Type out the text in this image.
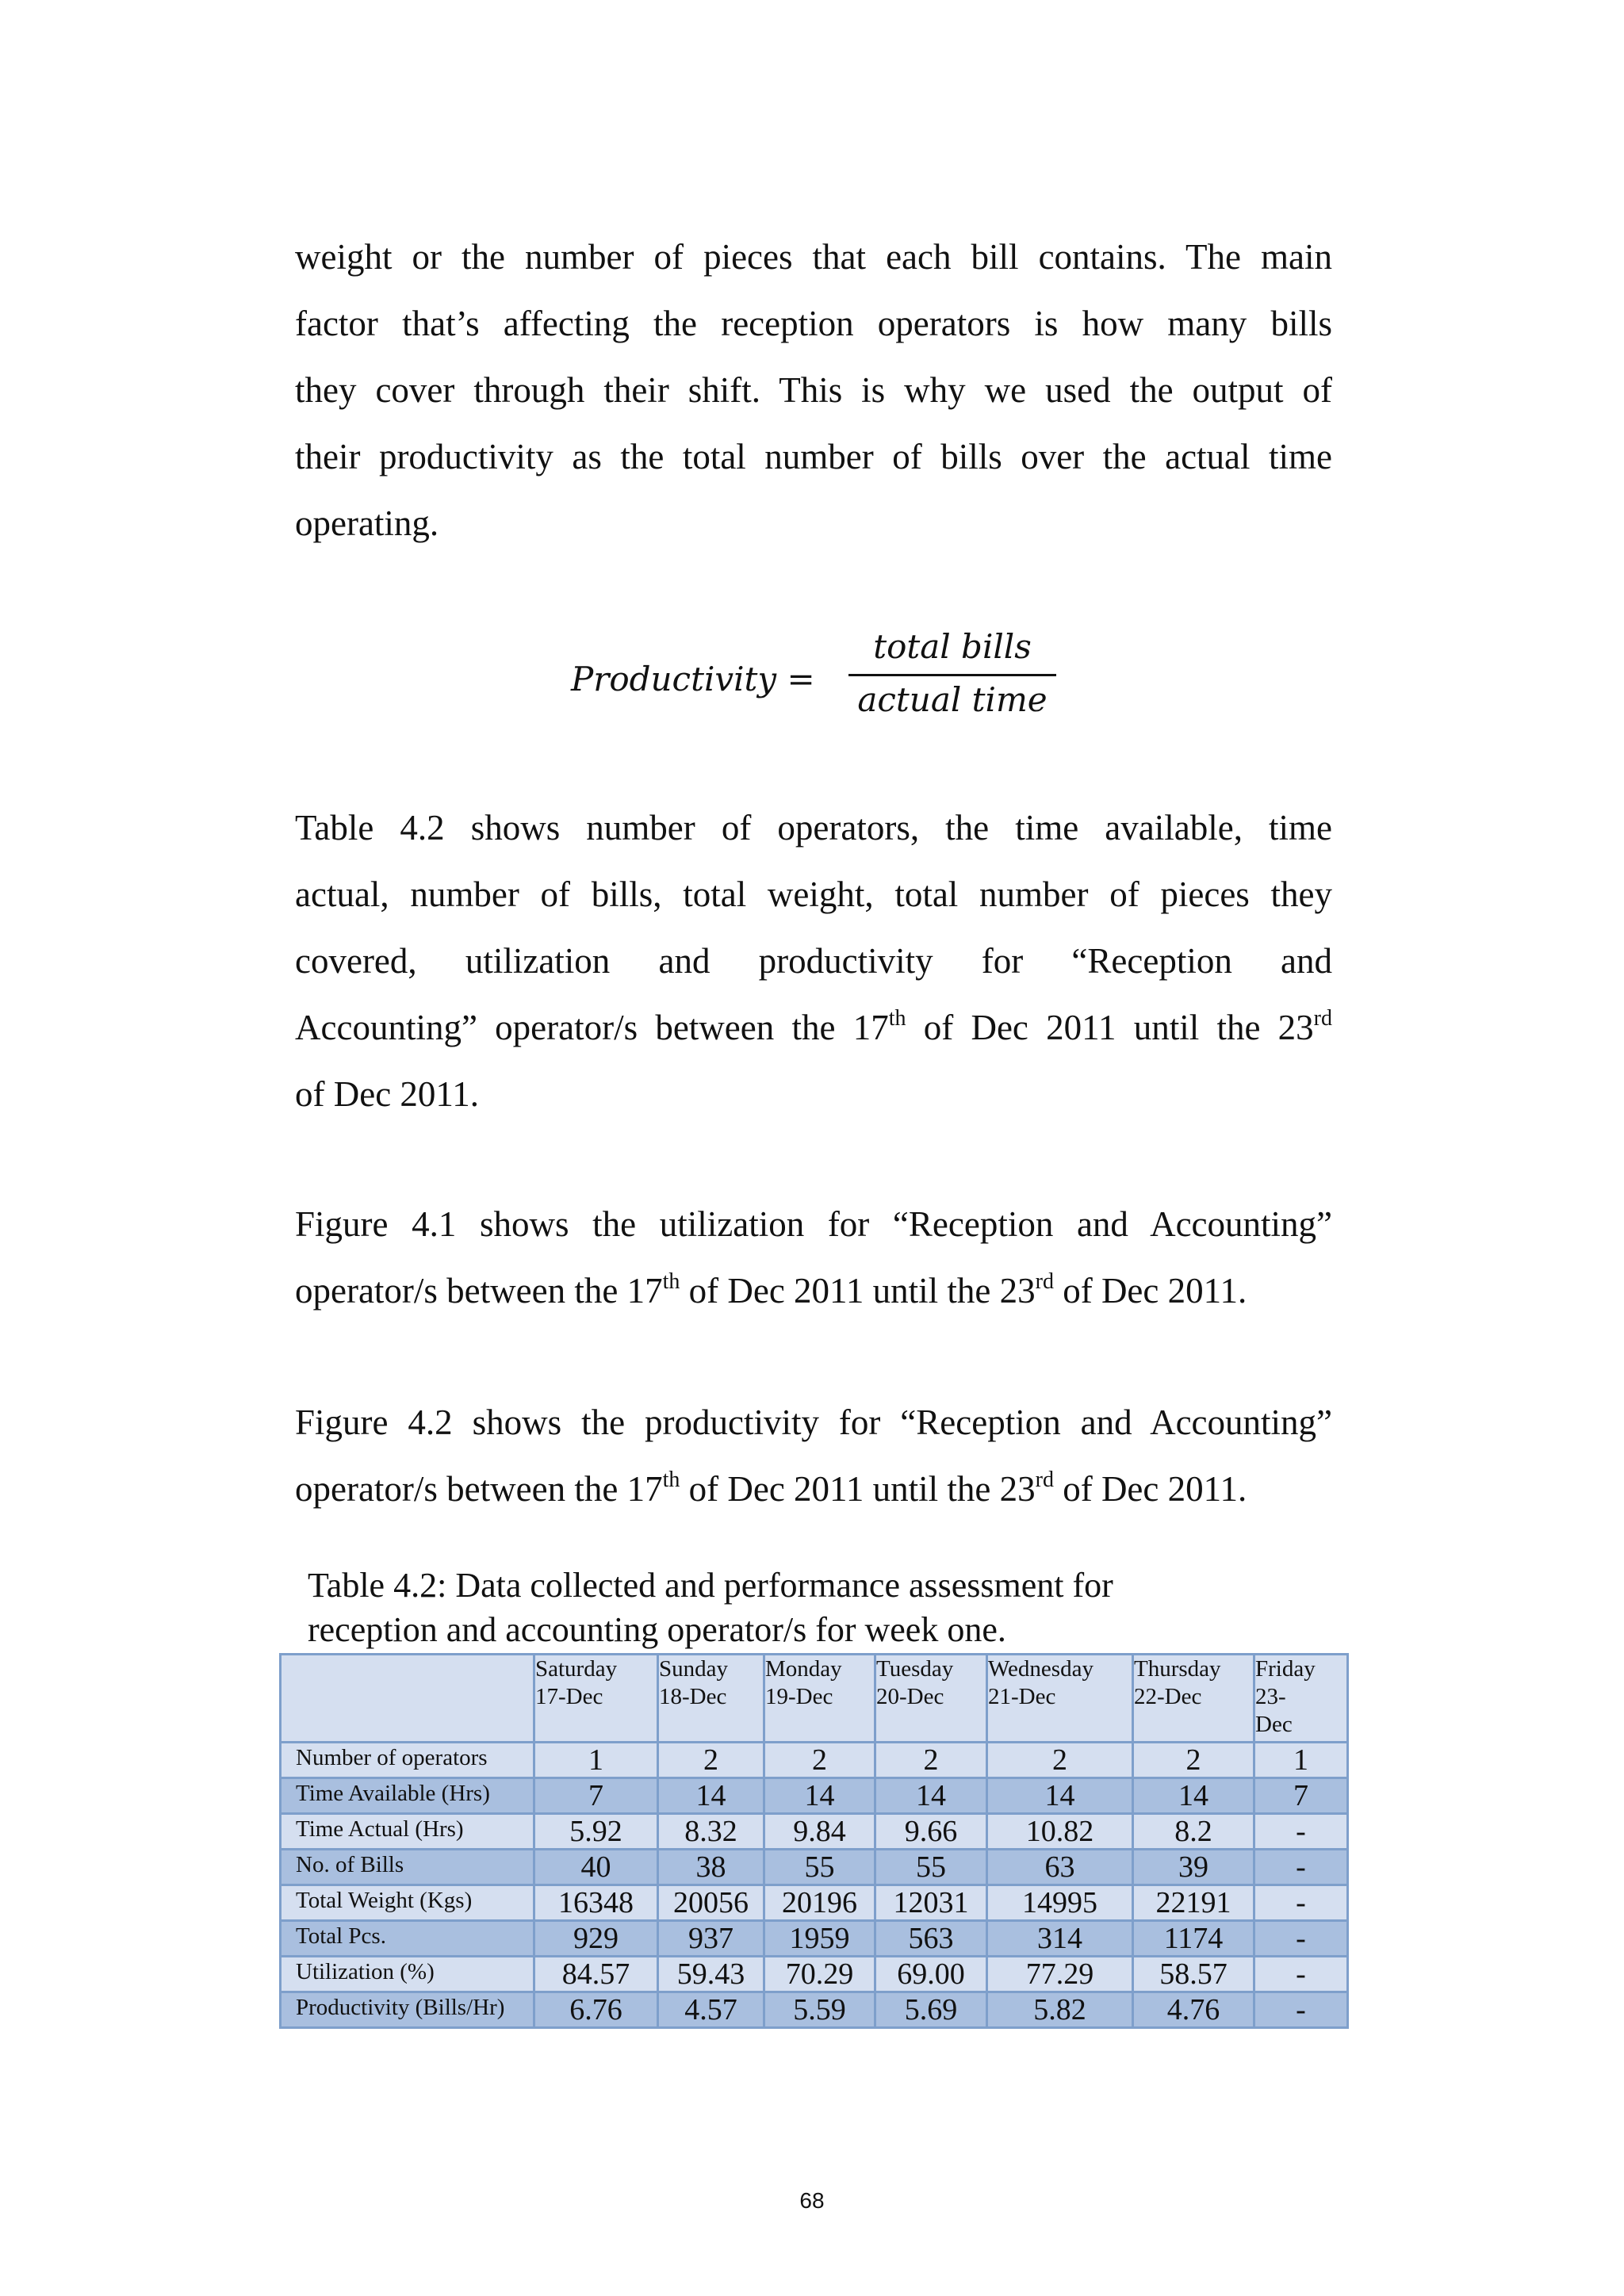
weight or the number of pieces that each bill contains. The main
factor that’s affecting the reception operators is how many bills
they cover through their shift. This is why we used the output of
their productivity as the total number of bills over the actual time
operating.
Productivity =
total bills
actual time
Table 4.2 shows number of operators, the time available, time
actual, number of bills, total weight, total number of pieces they
covered, utilization and productivity for “Reception and
Accounting” operator/s between the 17th of Dec 2011 until the 23rd
of Dec 2011.
Figure 4.1 shows the utilization for “Reception and Accounting”
operator/s between the 17th of Dec 2011 until the 23rd of Dec 2011.
Figure 4.2 shows the productivity for “Reception and Accounting”
operator/s between the 17th of Dec 2011 until the 23rd of Dec 2011.
Table 4.2: Data collected and performance assessment for
reception and accounting operator/s for week one.

	Saturday
17-Dec	Sunday
18-Dec	Monday
19-Dec	Tuesday
20-Dec	Wednesday
21-Dec	Thursday
22-Dec	Friday
23-
Dec

Number of operators	1	2	2	2	2	2	1
Time Available (Hrs)	7	14	14	14	14	14	7
Time Actual (Hrs)	5.92	8.32	9.84	9.66	10.82	8.2	-
No. of Bills	40	38	55	55	63	39	-
Total Weight (Kgs)	16348	20056	20196	12031	14995	22191	-
Total Pcs.	929	937	1959	563	314	1174	-
Utilization (%)	84.57	59.43	70.29	69.00	77.29	58.57	-
Productivity (Bills/Hr)	6.76	4.57	5.59	5.69	5.82	4.76	-
68
